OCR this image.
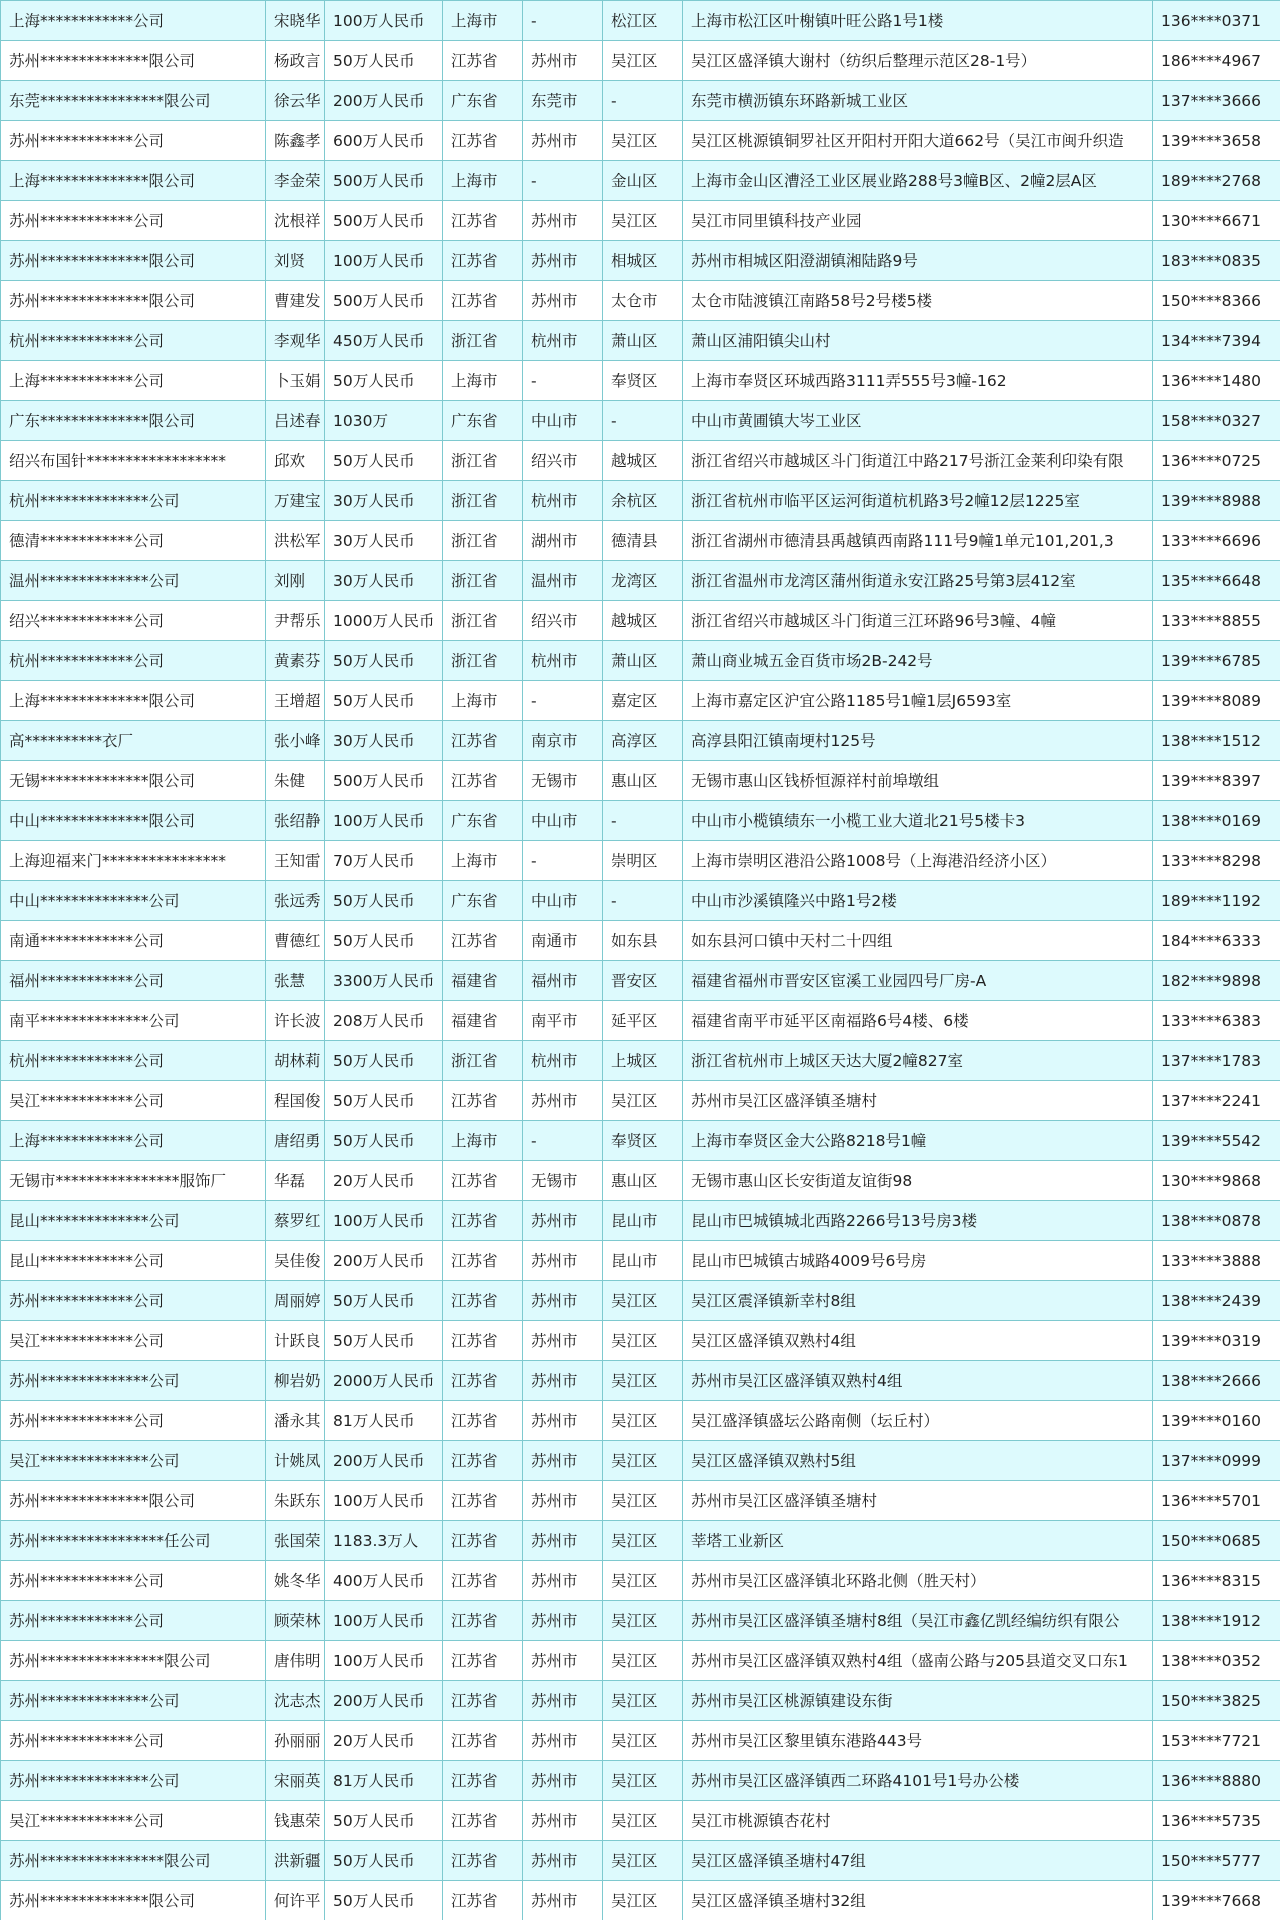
上海************公司	宋晓华	100万人民币	上海市	-	松江区	上海市松江区叶榭镇叶旺公路1号1楼	136****0371
苏州**************限公司	杨政言	50万人民币	江苏省	苏州市	吴江区	吴江区盛泽镇大谢村（纺织后整理示范区28-1号）	186****4967
东莞****************限公司	徐云华	200万人民币	广东省	东莞市	-	东莞市横沥镇东环路新城工业区	137****3666
苏州************公司	陈鑫孝	600万人民币	江苏省	苏州市	吴江区	吴江区桃源镇铜罗社区开阳村开阳大道662号（吴江市闽升织造	139****3658
上海**************限公司	李金荣	500万人民币	上海市	-	金山区	上海市金山区漕泾工业区展业路288号3幢B区、2幢2层A区	189****2768
苏州************公司	沈根祥	500万人民币	江苏省	苏州市	吴江区	吴江市同里镇科技产业园	130****6671
苏州**************限公司	刘贤	100万人民币	江苏省	苏州市	相城区	苏州市相城区阳澄湖镇湘陆路9号	183****0835
苏州**************限公司	曹建发	500万人民币	江苏省	苏州市	太仓市	太仓市陆渡镇江南路58号2号楼5楼	150****8366
杭州************公司	李观华	450万人民币	浙江省	杭州市	萧山区	萧山区浦阳镇尖山村	134****7394
上海************公司	卜玉娟	50万人民币	上海市	-	奉贤区	上海市奉贤区环城西路3111弄555号3幢-162	136****1480
广东**************限公司	吕述春	1030万	广东省	中山市	-	中山市黄圃镇大岑工业区	158****0327
绍兴布国针******************	邱欢	50万人民币	浙江省	绍兴市	越城区	浙江省绍兴市越城区斗门街道江中路217号浙江金莱利印染有限	136****0725
杭州**************公司	万建宝	30万人民币	浙江省	杭州市	余杭区	浙江省杭州市临平区运河街道杭机路3号2幢12层1225室	139****8988
德清************公司	洪松军	30万人民币	浙江省	湖州市	德清县	浙江省湖州市德清县禹越镇西南路111号9幢1单元101,201,3	133****6696
温州**************公司	刘刚	30万人民币	浙江省	温州市	龙湾区	浙江省温州市龙湾区蒲州街道永安江路25号第3层412室	135****6648
绍兴************公司	尹帮乐	1000万人民币	浙江省	绍兴市	越城区	浙江省绍兴市越城区斗门街道三江环路96号3幢、4幢	133****8855
杭州************公司	黄素芬	50万人民币	浙江省	杭州市	萧山区	萧山商业城五金百货市场2B-242号	139****6785
上海**************限公司	王增超	50万人民币	上海市	-	嘉定区	上海市嘉定区沪宜公路1185号1幢1层J6593室	139****8089
高**********衣厂	张小峰	30万人民币	江苏省	南京市	高淳区	高淳县阳江镇南埂村125号	138****1512
无锡**************限公司	朱健	500万人民币	江苏省	无锡市	惠山区	无锡市惠山区钱桥恒源祥村前埠墩组	139****8397
中山**************限公司	张绍静	100万人民币	广东省	中山市	-	中山市小榄镇绩东一小榄工业大道北21号5楼卡3	138****0169
上海迎福来门****************	王知雷	70万人民币	上海市	-	崇明区	上海市崇明区港沿公路1008号（上海港沿经济小区）	133****8298
中山**************公司	张远秀	50万人民币	广东省	中山市	-	中山市沙溪镇隆兴中路1号2楼	189****1192
南通************公司	曹德红	50万人民币	江苏省	南通市	如东县	如东县河口镇中天村二十四组	184****6333
福州************公司	张慧	3300万人民币	福建省	福州市	晋安区	福建省福州市晋安区宦溪工业园四号厂房-A	182****9898
南平**************公司	许长波	208万人民币	福建省	南平市	延平区	福建省南平市延平区南福路6号4楼、6楼	133****6383
杭州************公司	胡林莉	50万人民币	浙江省	杭州市	上城区	浙江省杭州市上城区天达大厦2幢827室	137****1783
吴江************公司	程国俊	50万人民币	江苏省	苏州市	吴江区	苏州市吴江区盛泽镇圣塘村	137****2241
上海************公司	唐绍勇	50万人民币	上海市	-	奉贤区	上海市奉贤区金大公路8218号1幢	139****5542
无锡市****************服饰厂	华磊	20万人民币	江苏省	无锡市	惠山区	无锡市惠山区长安街道友谊街98	130****9868
昆山**************公司	蔡罗红	100万人民币	江苏省	苏州市	昆山市	昆山市巴城镇城北西路2266号13号房3楼	138****0878
昆山************公司	吴佳俊	200万人民币	江苏省	苏州市	昆山市	昆山市巴城镇古城路4009号6号房	133****3888
苏州************公司	周丽婷	50万人民币	江苏省	苏州市	吴江区	吴江区震泽镇新幸村8组	138****2439
吴江************公司	计跃良	50万人民币	江苏省	苏州市	吴江区	吴江区盛泽镇双熟村4组	139****0319
苏州**************公司	柳岩奶	2000万人民币	江苏省	苏州市	吴江区	苏州市吴江区盛泽镇双熟村4组	138****2666
苏州************公司	潘永其	81万人民币	江苏省	苏州市	吴江区	吴江盛泽镇盛坛公路南侧（坛丘村）	139****0160
吴江**************公司	计姚凤	200万人民币	江苏省	苏州市	吴江区	吴江区盛泽镇双熟村5组	137****0999
苏州**************限公司	朱跃东	100万人民币	江苏省	苏州市	吴江区	苏州市吴江区盛泽镇圣塘村	136****5701
苏州****************任公司	张国荣	1183.3万人	江苏省	苏州市	吴江区	莘塔工业新区	150****0685
苏州************公司	姚冬华	400万人民币	江苏省	苏州市	吴江区	苏州市吴江区盛泽镇北环路北侧（胜天村）	136****8315
苏州************公司	顾荣林	100万人民币	江苏省	苏州市	吴江区	苏州市吴江区盛泽镇圣塘村8组（吴江市鑫亿凯经编纺织有限公	138****1912
苏州****************限公司	唐伟明	100万人民币	江苏省	苏州市	吴江区	苏州市吴江区盛泽镇双熟村4组（盛南公路与205县道交叉口东1	138****0352
苏州**************公司	沈志杰	200万人民币	江苏省	苏州市	吴江区	苏州市吴江区桃源镇建设东街	150****3825
苏州************公司	孙丽丽	20万人民币	江苏省	苏州市	吴江区	苏州市吴江区黎里镇东港路443号	153****7721
苏州**************公司	宋丽英	81万人民币	江苏省	苏州市	吴江区	苏州市吴江区盛泽镇西二环路4101号1号办公楼	136****8880
吴江************公司	钱惠荣	50万人民币	江苏省	苏州市	吴江区	吴江市桃源镇杏花村	136****5735
苏州****************限公司	洪新疆	50万人民币	江苏省	苏州市	吴江区	吴江区盛泽镇圣塘村47组	150****5777
苏州**************限公司	何许平	50万人民币	江苏省	苏州市	吴江区	吴江区盛泽镇圣塘村32组	139****7668
